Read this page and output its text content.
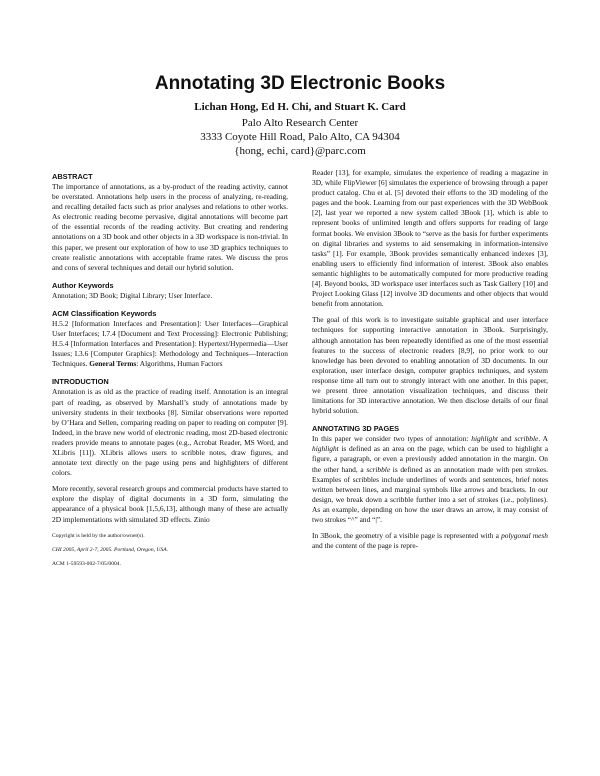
Annotating 3D Electronic Books
Lichan Hong, Ed H. Chi, and Stuart K. Card
Palo Alto Research Center
3333 Coyote Hill Road, Palo Alto, CA 94304
{hong, echi, card}@parc.com
ABSTRACT

The importance of annotations, as a by-product of the reading activity, cannot be overstated. Annotations help users in the process of analyzing, re-reading, and recalling detailed facts such as prior analyses and relations to other works. As electronic reading become pervasive, digital annotations will become part of the essential records of the reading activity. But creating and rendering annotations on a 3D book and other objects in a 3D workspace is non-trivial. In this paper, we present our exploration of how to use 3D graphics techniques to create realistic annotations with acceptable frame rates. We discuss the pros and cons of several techniques and detail our hybrid solution.

Author Keywords

Annotation; 3D Book; Digital Library; User Interface.

ACM Classification Keywords

H.5.2 [Information Interfaces and Presentation]: User Interfaces—Graphical User Interfaces; I.7.4 [Document and Text Processing]: Electronic Publishing; H.5.4 [Information Interfaces and Presentation]: Hypertext/Hypermedia—User Issues; I.3.6 [Computer Graphics]: Methodology and Techniques—Interaction Techniques. General Terms: Algorithms, Human Factors

INTRODUCTION

Annotation is as old as the practice of reading itself. Annotation is an integral part of reading, as observed by Marshall’s study of annotations made by university students in their textbooks [8]. Similar observations were reported by O’Hara and Sellen, comparing reading on paper to reading on computer [9]. Indeed, in the brave new world of electronic reading, most 2D-based electronic readers provide means to annotate pages (e.g., Acrobat Reader, MS Word, and XLibris [11]). XLibris allows users to scribble notes, draw figures, and annotate text directly on the page using pens and highlighters of different colors.

More recently, several research groups and commercial products have started to explore the display of digital documents in a 3D form, simulating the appearance of a physical book [1,5,6,13], although many of these are actually 2D implementations with simulated 3D effects. Zinio

Copyright is held by the author/owner(s).

CHI 2005, April 2-7, 2005. Portland, Oregon, USA.

ACM 1-59593-002-7/05/0004.

Reader [13], for example, simulates the experience of reading a magazine in 3D, while FlipViewer [6] simulates the experience of browsing through a paper product catalog. Chu et al. [5] devoted their efforts to the 3D modeling of the pages and the book. Learning from our past experiences with the 3D WebBook [2], last year we reported a new system called 3Book [1], which is able to represent books of unlimited length and offers supports for reading of large format books. We envision 3Book to “serve as the basis for further experiments on digital libraries and systems to aid sensemaking in information-intensive tasks” [1]. For example, 3Book provides semantically enhanced indexes [3], enabling users to efficiently find information of interest. 3Book also enables semantic highlights to be automatically computed for more productive reading [4]. Beyond books, 3D workspace user interfaces such as Task Gallery [10] and Project Looking Glass [12] involve 3D documents and other objects that would benefit from annotation.

The goal of this work is to investigate suitable graphical and user interface techniques for supporting interactive annotation in 3Book. Surprisingly, although annotation has been repeatedly identified as one of the most essential features to the success of electronic readers [8,9], no prior work to our knowledge has been devoted to enabling annotation of 3D documents. In our exploration, user interface design, computer graphics techniques, and system response time all turn out to strongly interact with one another. In this paper, we present three annotation visualization techniques, and discuss their limitations for 3D interactive annotation. We then disclose details of our final hybrid solution.

ANNOTATING 3D PAGES

In this paper we consider two types of annotation: highlight and scribble. A highlight is defined as an area on the page, which can be used to highlight a figure, a paragraph, or even a previously added annotation in the margin. On the other hand, a scribble is defined as an annotation made with pen strokes. Examples of scribbles include underlines of words and sentences, brief notes written between lines, and marginal symbols like arrows and brackets. In our design, we break down a scribble further into a set of strokes (i.e., polylines). As an example, depending on how the user draws an arrow, it may consist of two strokes “^” and “|”.

In 3Book, the geometry of a visible page is represented with a polygonal mesh and the content of the page is repre-
